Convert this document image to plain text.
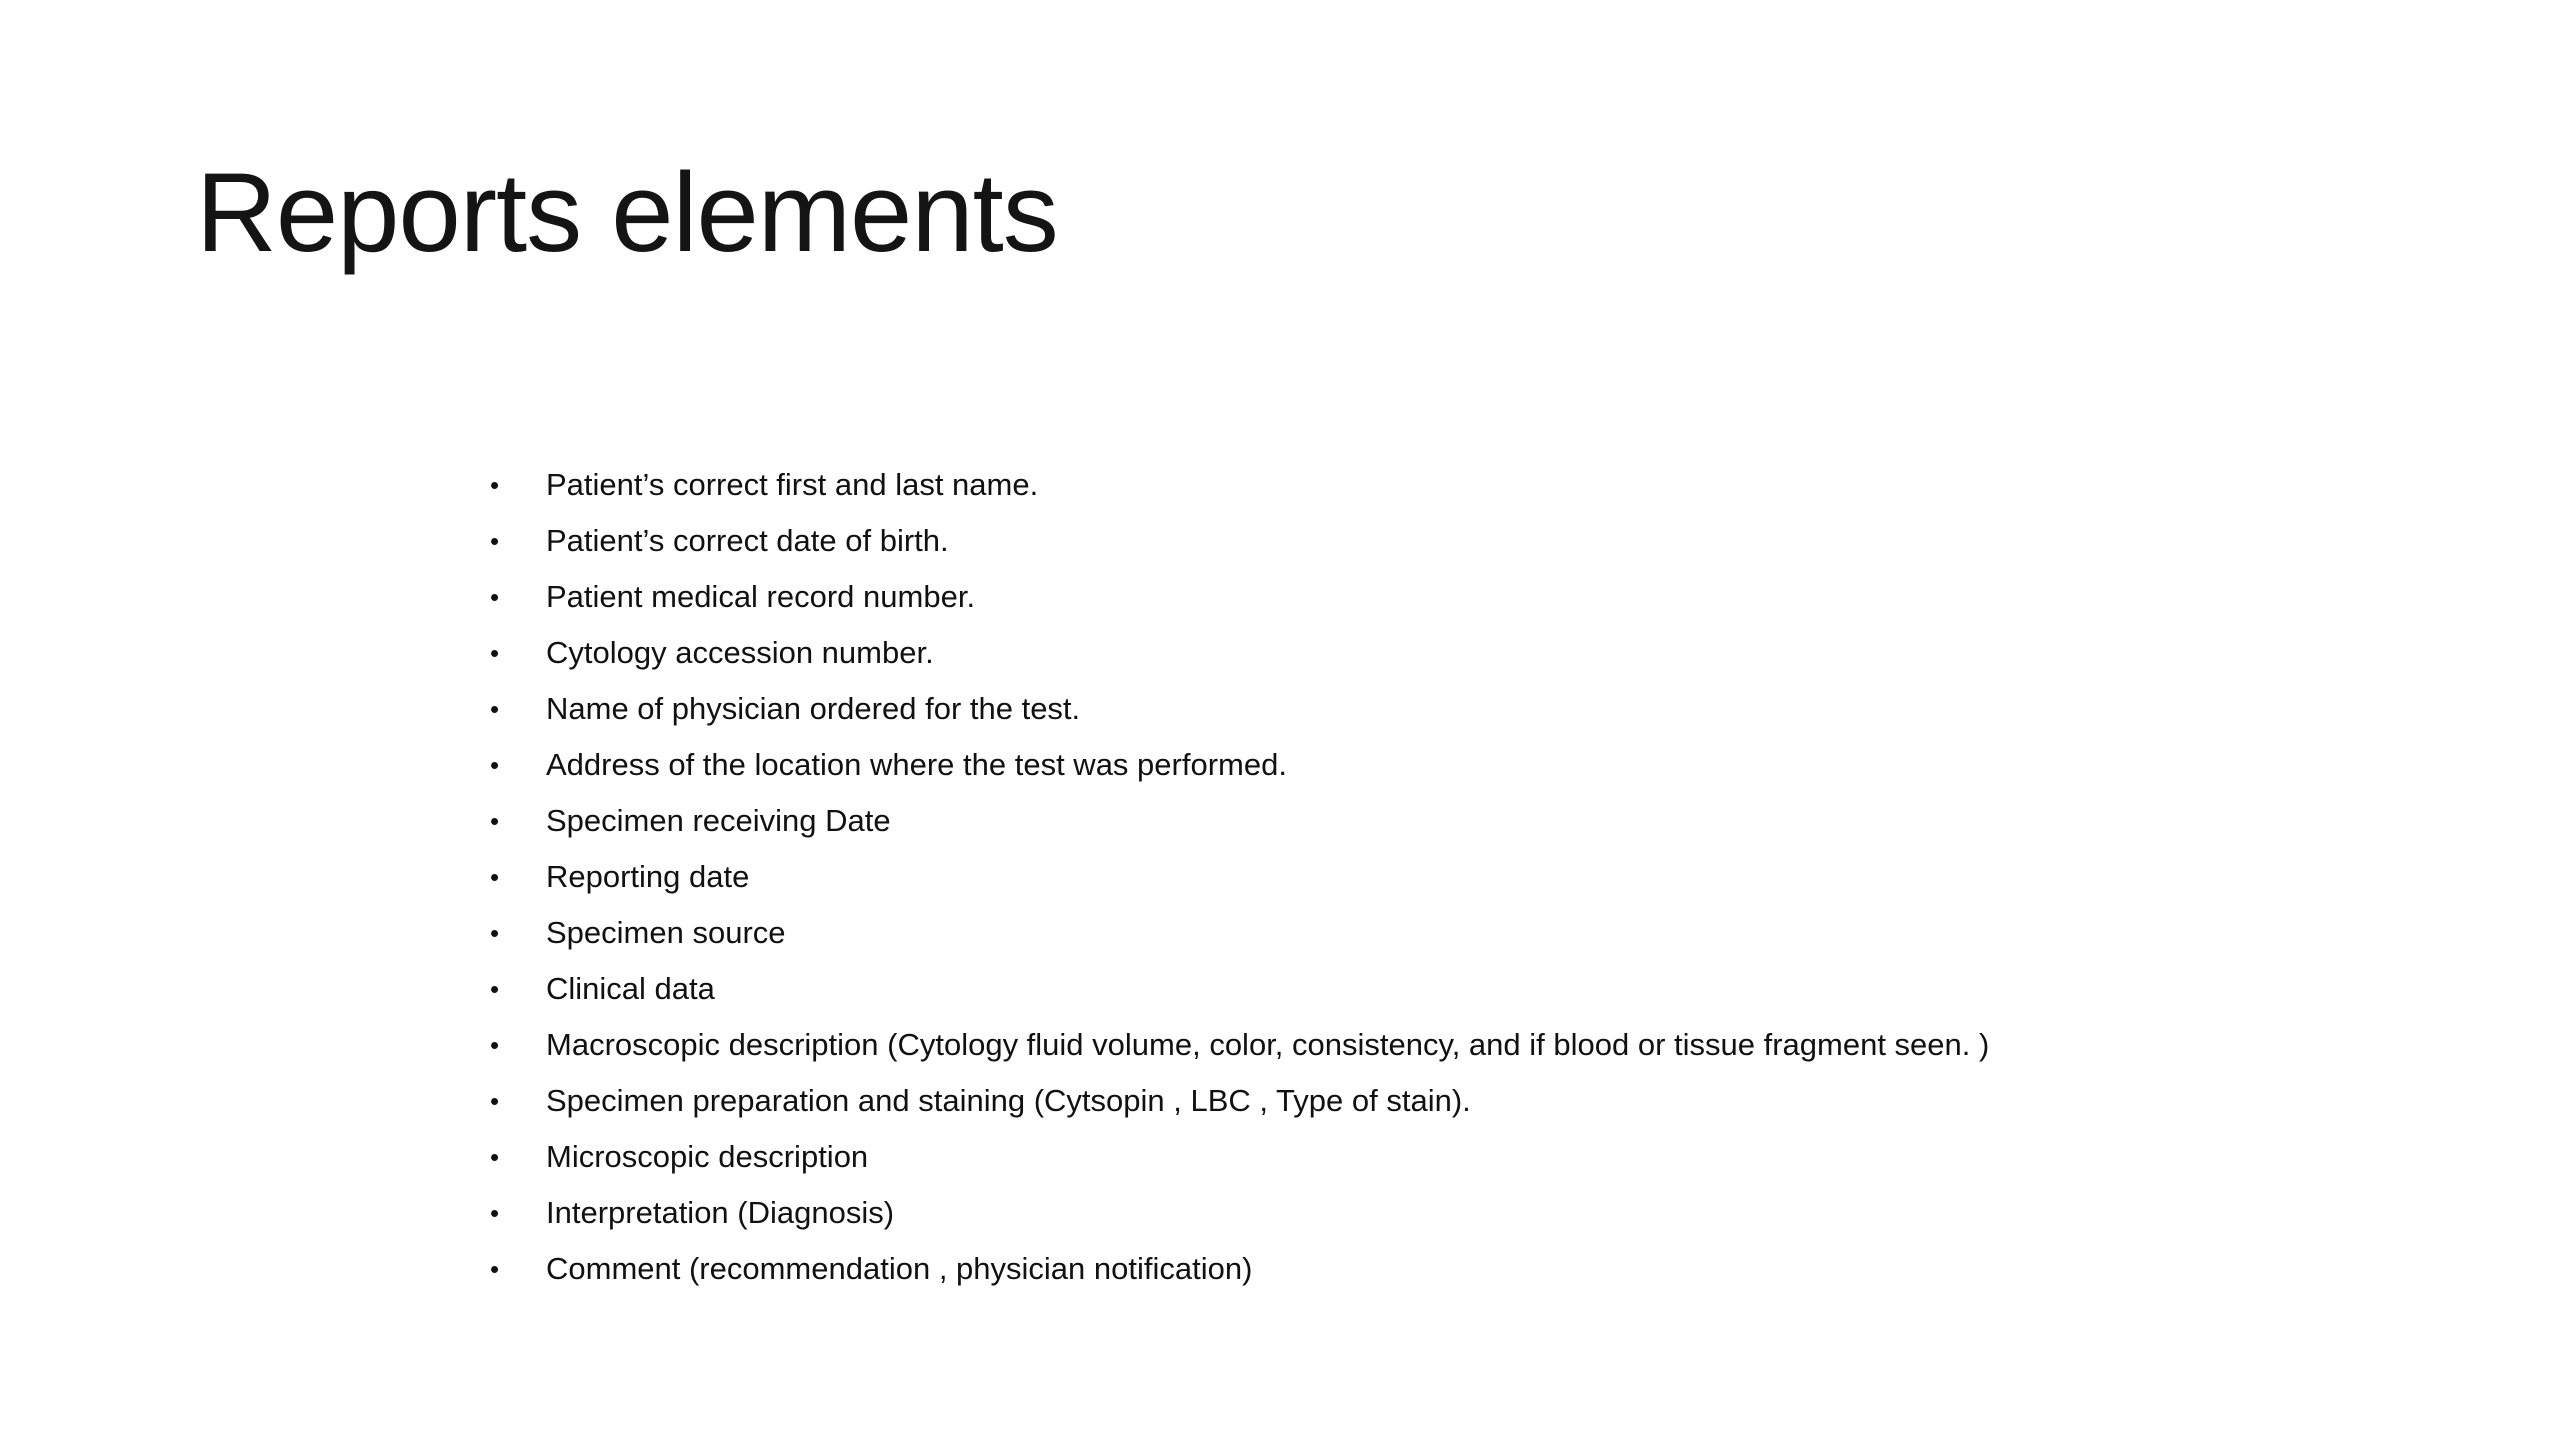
Reports elements
•	Patient’s correct first and last name.
•	Patient’s correct date of birth.
•	Patient medical record number.
•	Cytology accession number.
•	Name of physician ordered for the test.
•	Address of the location where the test was performed.
•	Specimen receiving Date
•	Reporting date
•	Specimen source
•	Clinical data
•	Macroscopic description (Cytology fluid volume, color, consistency, and if blood or tissue fragment seen. )
•	Specimen preparation and staining (Cytsopin , LBC , Type of stain).
•	Microscopic description
•	Interpretation (Diagnosis)
•	Comment (recommendation , physician notification)
